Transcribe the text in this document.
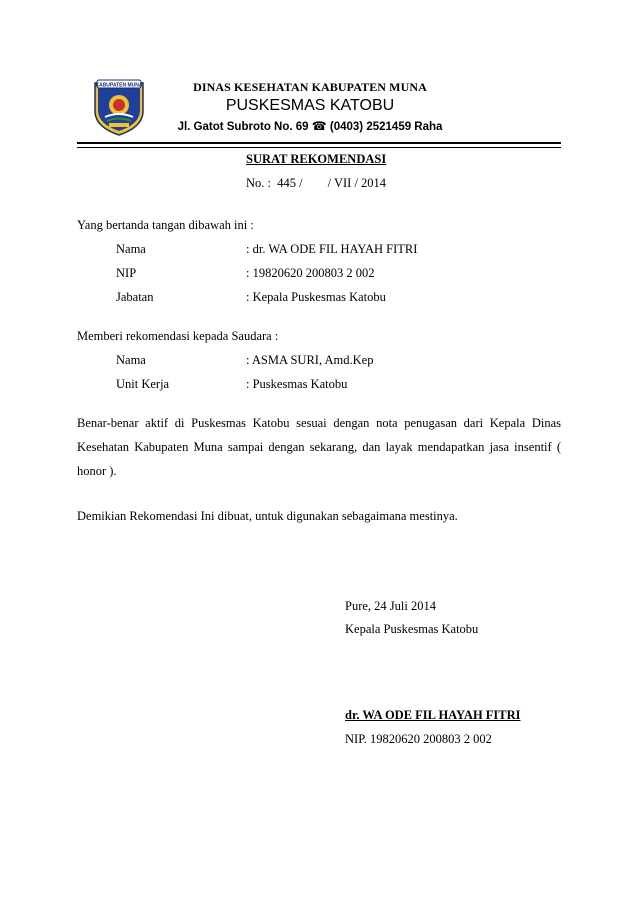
KABUPATEN MUNA	DINAS KESEHATAN KABUPATEN MUNA
PUSKESMAS KATOBU
Jl. Gatot Subroto No. 69 ☎ (0403) 2521459 Raha
SURAT REKOMENDASI
No. :  445 /        / VII / 2014
Yang bertanda tangan dibawah ini :
Nama	: dr. WA ODE FIL HAYAH FITRI
NIP	: 19820620 200803 2 002
Jabatan	: Kepala Puskesmas Katobu
Memberi rekomendasi kepada Saudara :
Nama	: ASMA SURI, Amd.Kep
Unit Kerja	: Puskesmas Katobu
Benar-benar aktif di Puskesmas Katobu sesuai dengan nota penugasan dari Kepala Dinas Kesehatan Kabupaten Muna sampai dengan sekarang, dan layak mendapatkan jasa insentif ( honor ).
Demikian Rekomendasi Ini dibuat, untuk digunakan sebagaimana mestinya.
Pure, 24 Juli 2014
Kepala Puskesmas Katobu
dr. WA ODE FIL HAYAH FITRI
NIP. 19820620 200803 2 002
